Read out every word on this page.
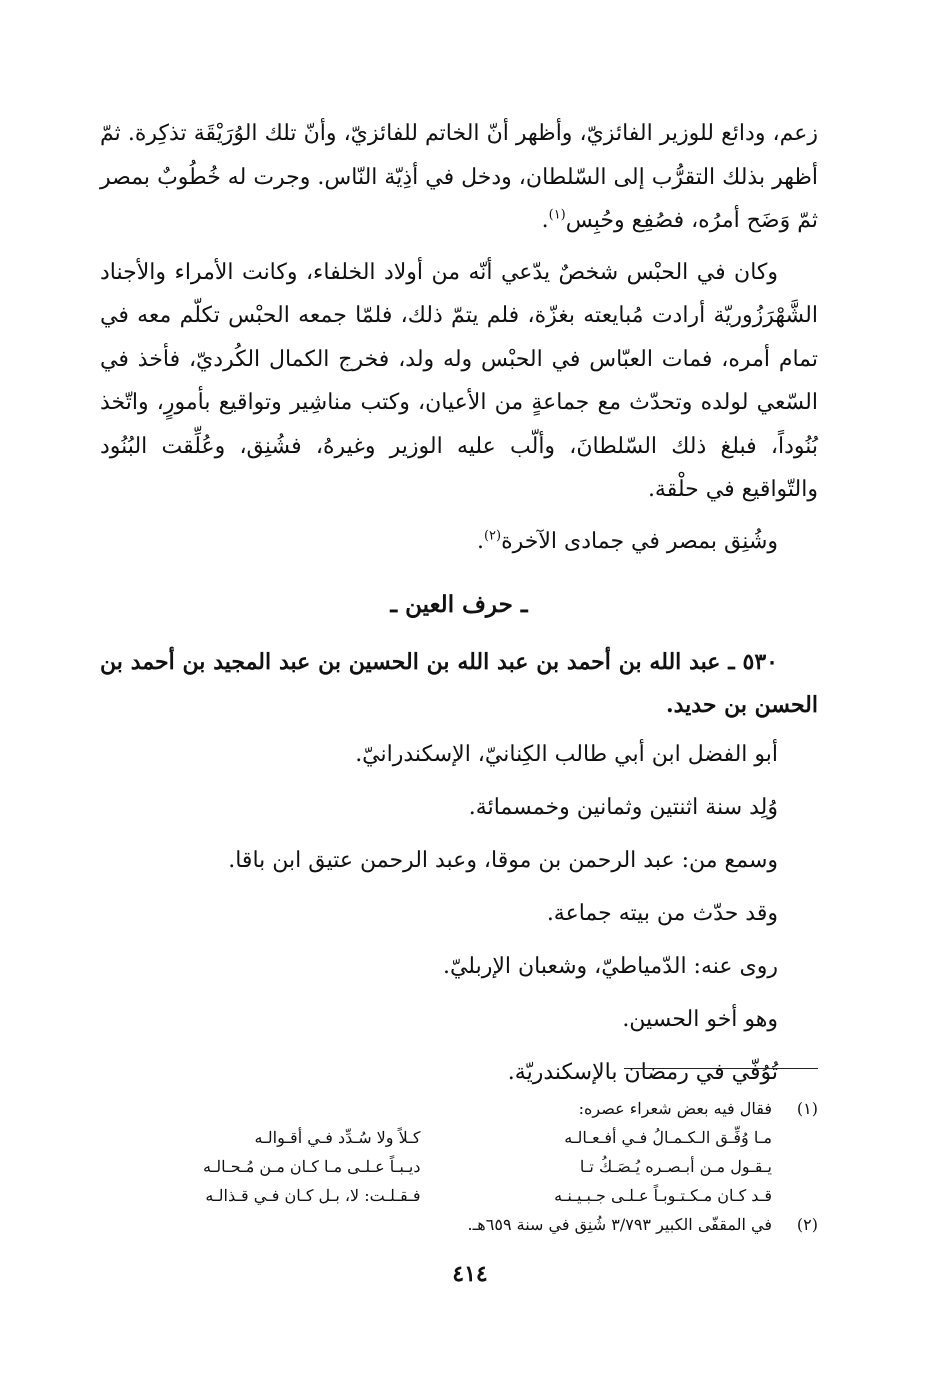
زعم، ودائع للوزير الفائزيّ، وأظهر أنّ الخاتم للفائزيّ، وأنّ تلك الوُرَيْقَة تذكِرة. ثمّ أظهر بذلك التقرُّب إلى السّلطان، ودخل في أذِيّة النّاس. وجرت له خُطُوبٌ بمصر ثمّ وَضَح أمرُه، فصُفِع وحُبِس$^{(١)}$.

وكان في الحبْس شخصٌ يدّعي أنّه من أولاد الخلفاء، وكانت الأمراء والأجناد الشَّهْرَزُوريّة أرادت مُبايعته بغزّة، فلم يتمّ ذلك، فلمّا جمعه الحبْس تكلّم معه في تمام أمره، فمات العبّاس في الحبْس وله ولد، فخرج الكمال الكُرديّ، فأخذ في السّعي لولده وتحدّث مع جماعةٍ من الأعيان، وكتب مناشِير وتواقيع بأمورٍ، واتّخذ بُنُوداً، فبلغ ذلك السّلطانَ، وألّب عليه الوزير وغيرهُ، فشُنِق، وعُلِّقت البُنُود والتّواقيع في حلْقة.

وشُنِق بمصر في جمادى الآخرة$^{(٢)}$.

ـ حرف العين ـ

٥٣٠ ـ عبد الله بن أحمد بن عبد الله بن الحسين بن عبد المجيد بن أحمد بن الحسن بن حديد.

أبو الفضل ابن أبي طالب الكِنانيّ، الإسكندرانيّ.

وُلِد سنة اثنتين وثمانين وخمسمائة.

وسمع من: عبد الرحمن بن موقا، وعبد الرحمن عتيق ابن باقا.

وقد حدّث من بيته جماعة.

روى عنه: الدّمياطيّ، وشعبان الإربليّ.

وهو أخو الحسين.

تُوُفّي في رمضان بالإسكندريّة.

(١)
فقال فيه بعض شعراء عصره:
مـا وُفِّـق الـكـمـالُ فـي أفـعـالـه
كـلاً ولا سُـدِّد فـي أقـوالـه
يـقـول مـن أبـصـره يُـصَـكُ تـا
ديـبـاً عـلـى مـا كـان مـن مُـحـالـه
قـد كـان مـكـتـوبـاً عـلـى جـبـيـنـه
فـقـلـت: لا، بـل كـان فـي قـذالـه
(٢)
في المقفّى الكبير ٣/٧٩٣ شُنِق في سنة ٦٥٩هـ.
٤١٤
